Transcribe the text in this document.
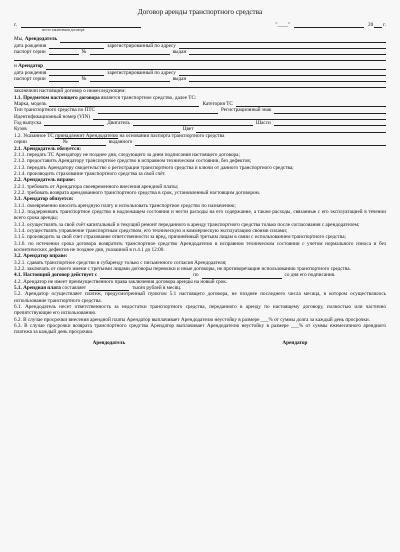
Договор аренды транспортного средства
г.	"____"	20 г.
место заключения договора
Мы,
Арендодатель
дата рождения	зарегистрированный по адресу
паспорт серии	№	выдан
и
Арендатор
дата рождения	зарегистрированный по адресу
паспорт серии	№	выдан

заключили настоящий договор о нижеследующем:

1.1. Предметом настоящего договора является транспортное средство, далее ТС:

Марка, модель	Категория ТС
Тип транспортного средства по ПТС	Регистрационный знак
Идентификационный номер (VIN)
Год выпуска	Двигатель	Шасси
Кузов	Цвет

1.2. Указанное ТС принадлежит Арендодателю на основании паспорта транспортного средства

серии	№	выданного

2.1. Арендодатель обязуется:

2.1.1. передать ТС Арендатору не позднее дня, следующего за днем подписания настоящего договора;

2.1.2. предоставить Арендатору транспортное средство в исправном техническом состоянии, без дефектов;

2.1.3. передать Арендатору свидетельство о регистрации транспортного средства и ключи от данного транспортного средства;

2.1.4. производить страхование транспортного средства за свой счёт.

2.2. Арендодатель вправе:

2.2.1. требовать от Арендатора своевременного внесения арендной платы;

2.2.2. требовать возврата арендованного транспортного средства в срок, установленный настоящим договором.

3.1. Арендатор обязуется:

3.1.1. своевременно вносить арендную плату и использовать транспортное средство по назначению;

3.1.2. поддерживать транспортное средство в надлежащем состоянии и нести расходы на его содержание, а также расходы, связанные с его эксплуатацией в течении всего срока аренды;

3.1.3. осуществлять за свой счёт капитальный и текущий ремонт переданного в аренду транспортного средства только после согласования с арендодателем;

3.1.4. осуществлять управление транспортным средством, его техническую и коммерческую эксплуатацию своими силами;

3.1.5. производить за свой счет страхование ответственности за вред, причинённый третьим лицам в связи с использованием транспортного средства;

3.1.6. по истечении срока договора возвратить транспортное средство Арендодателю в исправном техническом состоянии с учетом нормального износа и без косметических дефектов не позднее дня, указанной в п.4.1 до 12:00.

3.2. Арендатор вправе:

3.2.1. сдавать транспортное средство в субаренду только с письменного согласия Арендодателя;

3.2.2. заключать от своего имени с третьими лицами договоры перевозки и иные договоры, не противоречащие использованию транспортного средства.

4.1. Настоящий договор действует с	по	со дня его подписания.

4.2. Арендатор не имеет преимущественного права заключения договора аренды на новый срок.

5.1. Арендная плата
составляет	тысяч рублей в месяц.

5.2. Арендатор осуществляет платеж, предусмотренный пунктом 5.1 настоящего договора, не позднее последнего числа месяца, в котором осуществлялось использование транспортного средства.

6.1. Арендодатель несет ответственность за недостатки транспортного средства, переданного в аренду по настоящему договору, полностью или частично препятствующие его использованию.

6.2. В случае просрочки внесения арендной платы Арендатор выплачивает Арендодателю неустойку в размере ___% от суммы долга за каждый день просрочки.

6.3. В случае просрочки возврата транспортного средства Арендатор выплачивает Арендодателю неустойку в размере ___% от суммы ежемесячного арендного платежа за каждый день просрочки.

Арендодатель	Арендатор
